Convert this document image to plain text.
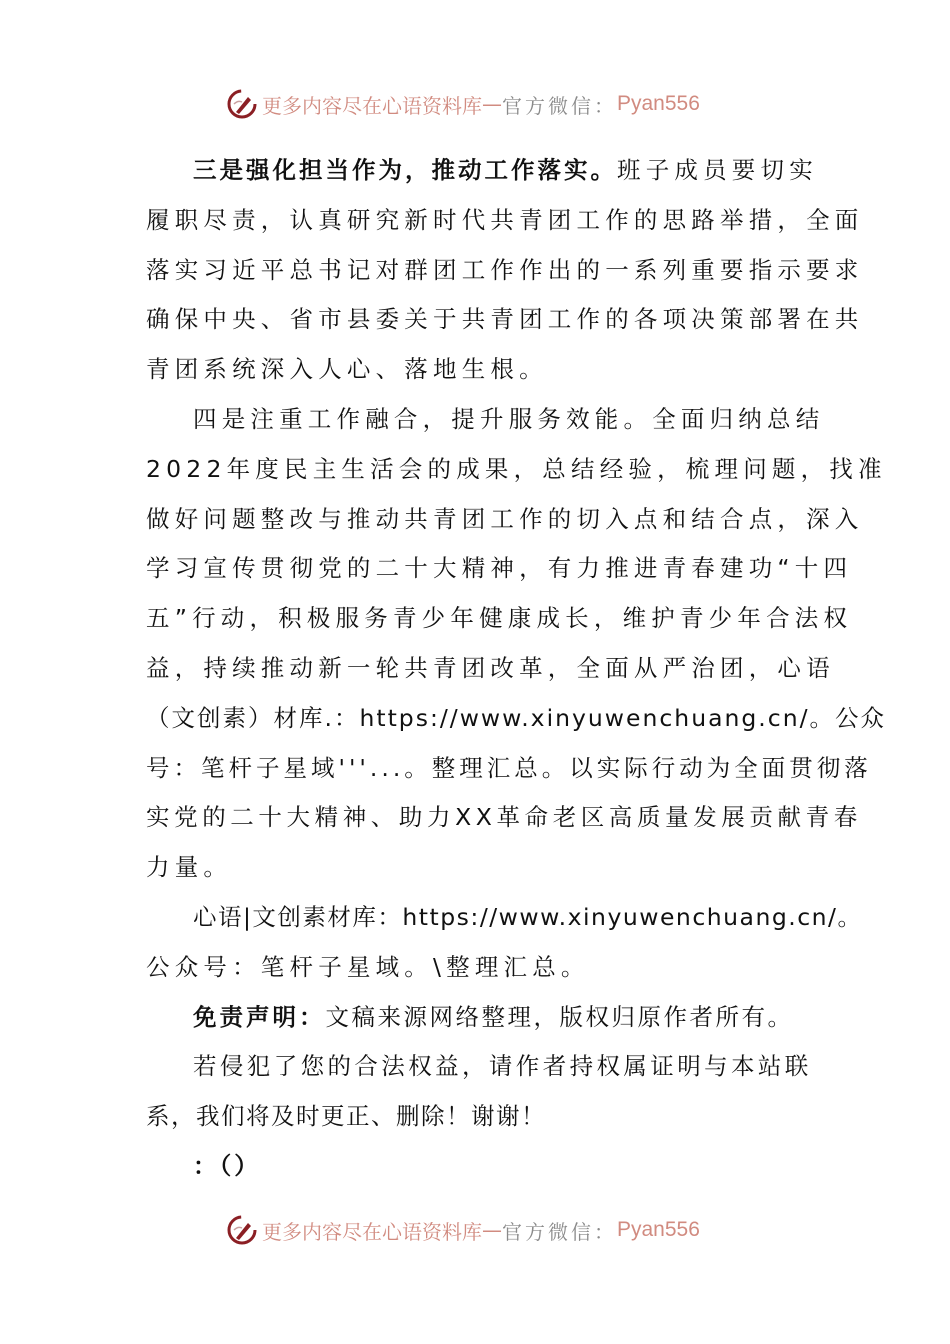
更多内容尽在心语资料库 — 官方微信： Pyan556

三是强化担当作为，推动工作落实。班子成员要切实

履职尽责，认真研究新时代共青团工作的思路举措，全面
落实习近平总书记对群团工作作出的一系列重要指示要求
确保中央、省市县委关于共青团工作的各项决策部署在共
青团系统深入人心、落地生根。

四是注重工作融合，提升服务效能。全面归纳总结

2022年度民主生活会的成果，总结经验，梳理问题，找准
做好问题整改与推动共青团工作的切入点和结合点，深入
学习宣传贯彻党的二十大精神，有力推进青春建功“十四
五”行动，积极服务青少年健康成长，维护青少年合法权
益，持续推动新一轮共青团改革，全面从严治团，心语
（文创素）材库.：https://www.xinyuwenchuang.cn/。公众
号：笔杆子星域'''...。整理汇总。以实际行动为全面贯彻落
实党的二十大精神、助力XX革命老区高质量发展贡献青春
力量。

心语|文创素材库：https://www.xinyuwenchuang.cn/。

公众号：笔杆子星域。\整理汇总。

免责声明：文稿来源网络整理，版权归原作者所有。

若侵犯了您的合法权益，请作者持权属证明与本站联

系，我们将及时更正、删除！谢谢！

：（）

更多内容尽在心语资料库 — 官方微信： Pyan556
